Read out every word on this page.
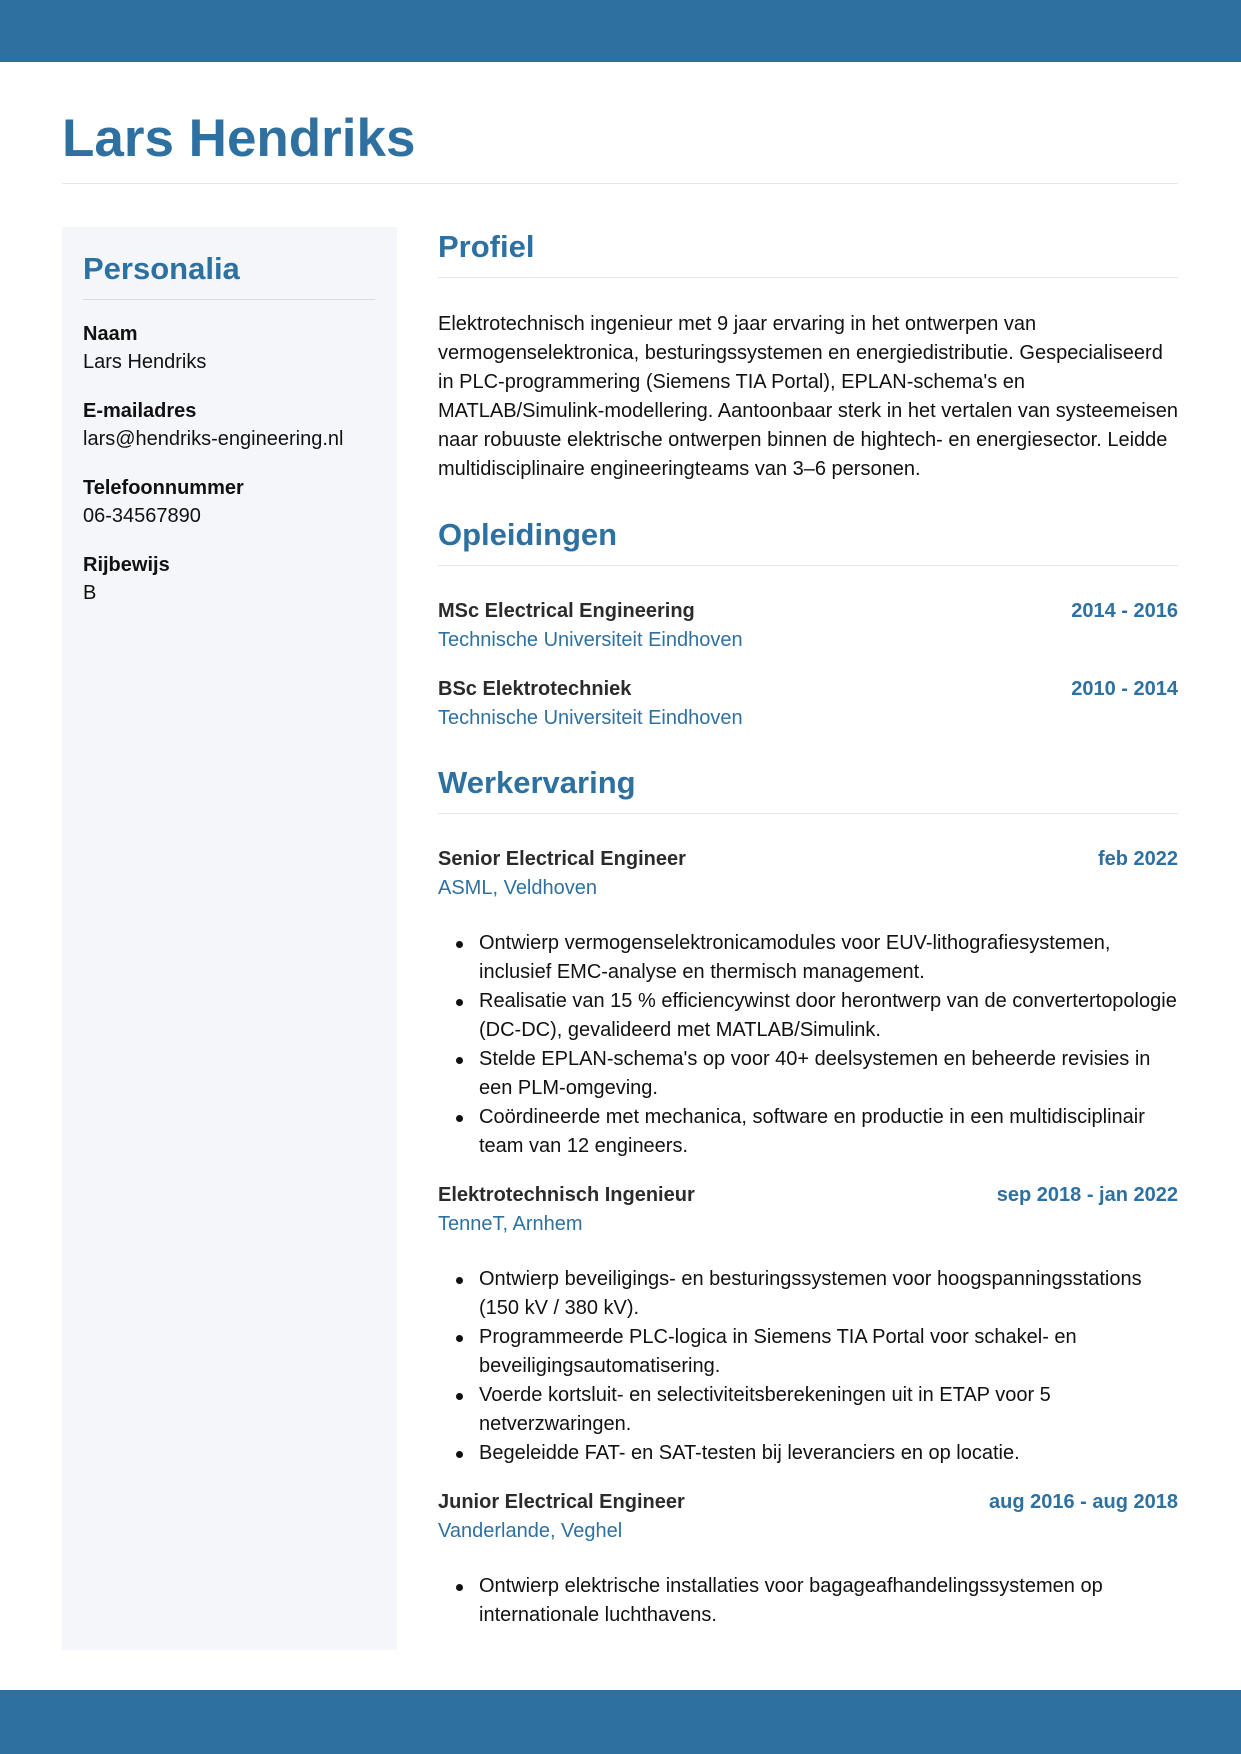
Lars Hendriks
Personalia
Naam
Lars Hendriks
E-mailadres
lars@hendriks-engineering.nl
Telefoonnummer
06-34567890
Rijbewijs
B
Profiel

Elektrotechnisch ingenieur met 9 jaar ervaring in het ontwerpen van vermogenselektronica, besturingssystemen en energiedistributie. Gespecialiseerd in PLC-programmering (Siemens TIA Portal), EPLAN-schema's en MATLAB/Simulink-modellering. Aantoonbaar sterk in het vertalen van systeemeisen naar robuuste elektrische ontwerpen binnen de hightech- en energiesector. Leidde multidisciplinaire engineeringteams van 3–6 personen.

Opleidingen
MSc Electrical Engineering	2014 - 2016
Technische Universiteit Eindhoven
BSc Elektrotechniek	2010 - 2014
Technische Universiteit Eindhoven
Werkervaring
Senior Electrical Engineer	feb 2022
ASML, Veldhoven
Ontwierp vermogenselektronicamodules voor EUV-lithografiesystemen, inclusief EMC-analyse en thermisch management.
Realisatie van 15 % efficiencywinst door herontwerp van de convertertopologie (DC-DC), gevalideerd met MATLAB/Simulink.
Stelde EPLAN-schema's op voor 40+ deelsystemen en beheerde revisies in een PLM-omgeving.
Coördineerde met mechanica, software en productie in een multidisciplinair team van 12 engineers.
Elektrotechnisch Ingenieur	sep 2018 - jan 2022
TenneT, Arnhem
Ontwierp beveiligings- en besturingssystemen voor hoogspanningsstations (150 kV / 380 kV).
Programmeerde PLC-logica in Siemens TIA Portal voor schakel- en beveiligingsautomatisering.
Voerde kortsluit- en selectiviteitsberekeningen uit in ETAP voor 5 netverzwaringen.
Begeleidde FAT- en SAT-testen bij leveranciers en op locatie.
Junior Electrical Engineer	aug 2016 - aug 2018
Vanderlande, Veghel
Ontwierp elektrische installaties voor bagageafhandelingssystemen op internationale luchthavens.
